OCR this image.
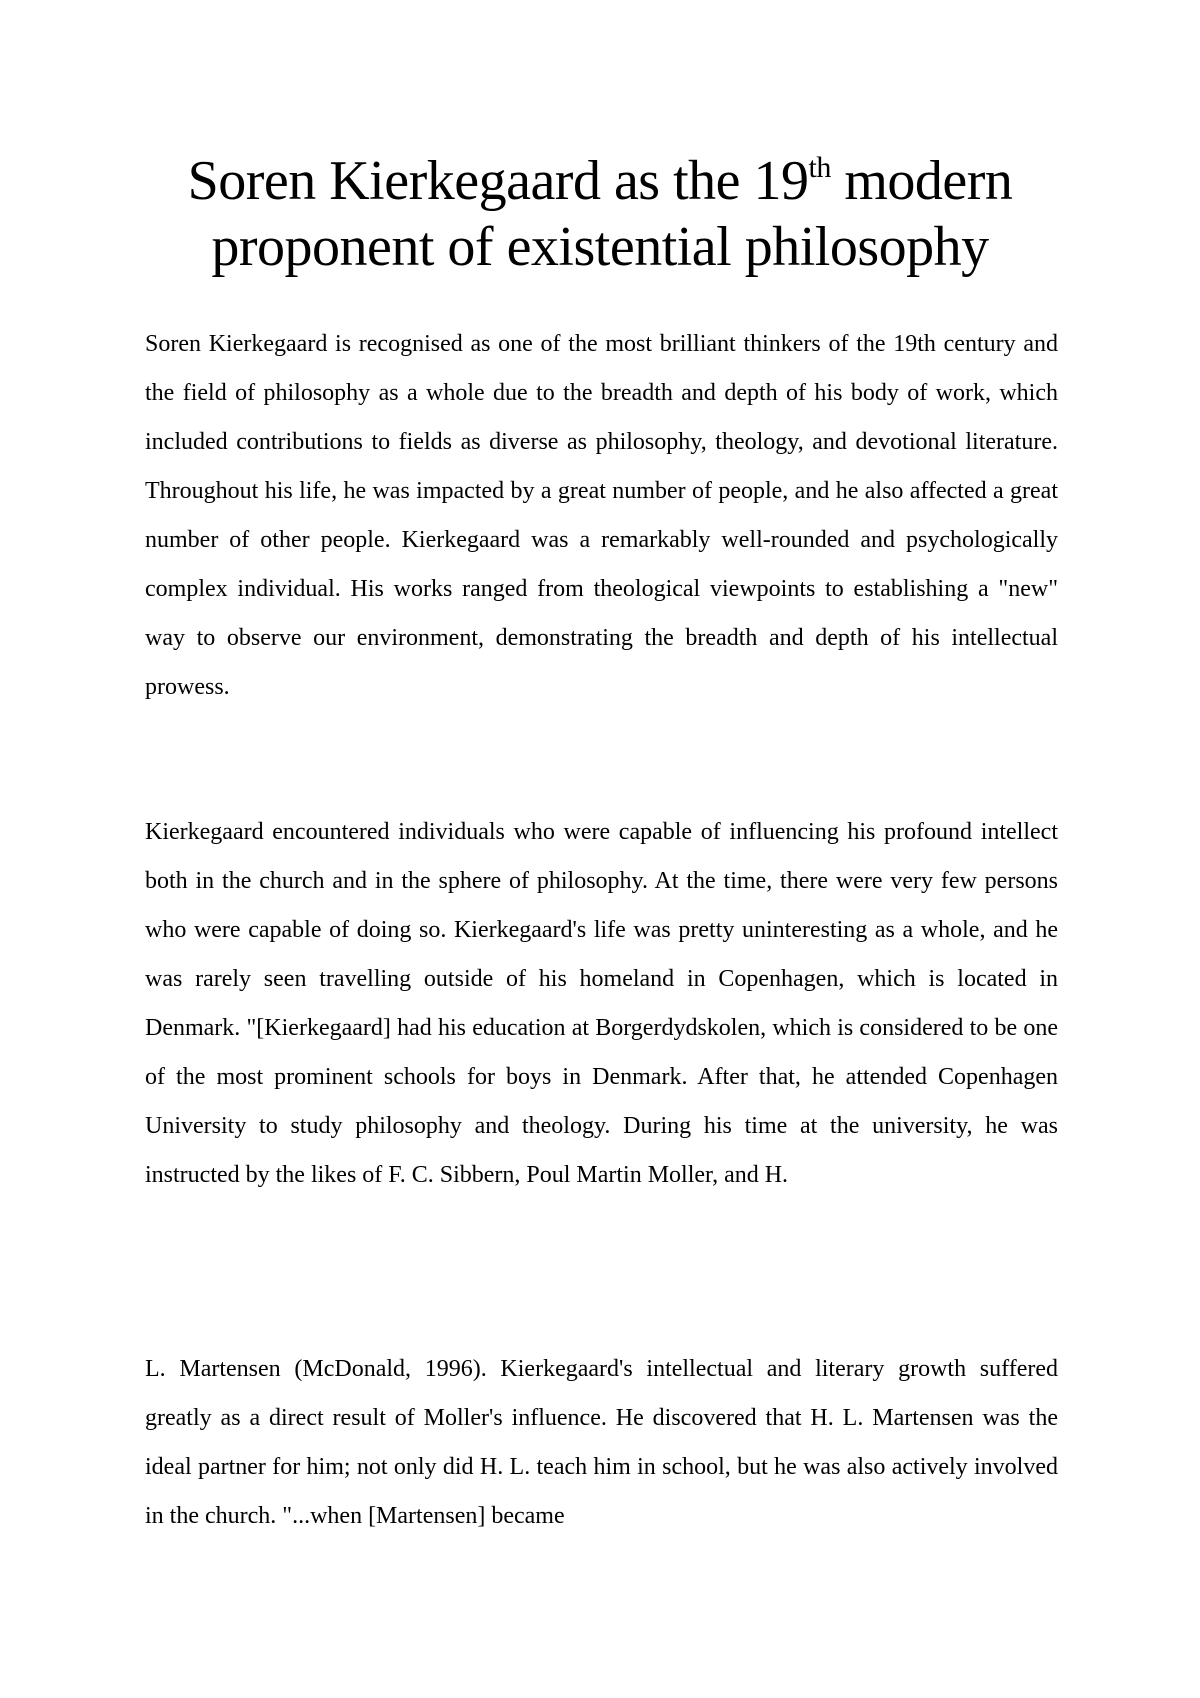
Soren Kierkegaard as the 19th modern proponent of existential philosophy

Soren Kierkegaard is recognised as one of the most brilliant thinkers of the 19th century and the field of philosophy as a whole due to the breadth and depth of his body of work, which included contributions to fields as diverse as philosophy, theology, and devotional literature. Throughout his life, he was impacted by a great number of people, and he also affected a great number of other people. Kierkegaard was a remarkably well-rounded and psychologically complex individual. His works ranged from theological viewpoints to establishing a "new" way to observe our environment, demonstrating the breadth and depth of his intellectual prowess.

Kierkegaard encountered individuals who were capable of influencing his profound intellect both in the church and in the sphere of philosophy. At the time, there were very few persons who were capable of doing so. Kierkegaard's life was pretty uninteresting as a whole, and he was rarely seen travelling outside of his homeland in Copenhagen, which is located in Denmark. "[Kierkegaard] had his education at Borgerdydskolen, which is considered to be one of the most prominent schools for boys in Denmark. After that, he attended Copenhagen University to study philosophy and theology. During his time at the university, he was instructed by the likes of F. C. Sibbern, Poul Martin Moller, and H.

L. Martensen (McDonald, 1996). Kierkegaard's intellectual and literary growth suffered greatly as a direct result of Moller's influence. He discovered that H. L. Martensen was the ideal partner for him; not only did H. L. teach him in school, but he was also actively involved in the church. "...when [Martensen] became
